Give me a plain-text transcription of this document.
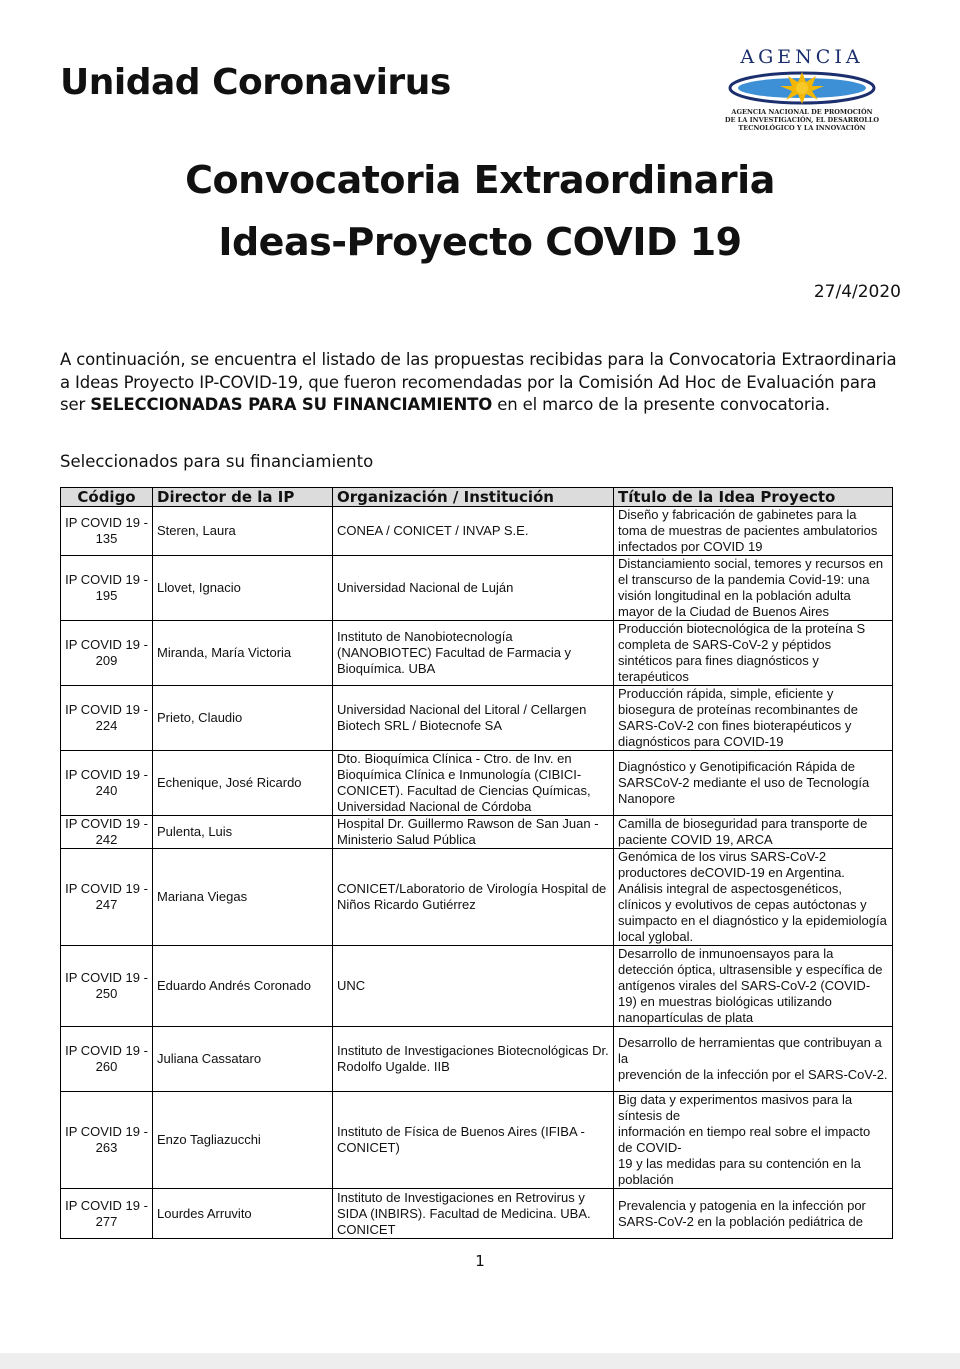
Unidad Coronavirus
AGENCIA
AGENCIA NACIONAL DE PROMOCIÓN
DE LA INVESTIGACIÓN, EL DESARROLLO
TECNOLÓGICO Y LA INNOVACIÓN
Convocatoria Extraordinaria
Ideas-Proyecto COVID 19
27/4/2020

A continuación, se encuentra el listado de las propuestas recibidas para la Convocatoria Extraordinaria a Ideas Proyecto IP-COVID-19, que fueron recomendadas por la Comisión Ad Hoc de Evaluación para ser SELECCIONADAS PARA SU FINANCIAMIENTO en el marco de la presente convocatoria.

Seleccionados para su financiamiento
Código	Director de la IP	Organización / Institución	Título de la Idea Proyecto
IP COVID 19 - 135	Steren, Laura	CONEA / CONICET / INVAP S.E.	Diseño y fabricación de gabinetes para la toma de muestras de pacientes ambulatorios infectados por COVID 19
IP COVID 19 - 195	Llovet, Ignacio	Universidad Nacional de Luján	Distanciamiento social, temores y recursos en el transcurso de la pandemia Covid-19: una visión longitudinal en la población adulta mayor de la Ciudad de Buenos Aires
IP COVID 19 - 209	Miranda, María Victoria	Instituto de Nanobiotecnología (NANOBIOTEC) Facultad de Farmacia y Bioquímica. UBA	Producción biotecnológica de la proteína S completa de SARS-CoV-2 y péptidos sintéticos para fines diagnósticos y terapéuticos
IP COVID 19 - 224	Prieto, Claudio	Universidad Nacional del Litoral / Cellargen Biotech SRL / Biotecnofe SA	Producción rápida, simple, eficiente y biosegura de proteínas recombinantes de SARS-CoV-2 con fines bioterapéuticos y diagnósticos para COVID-19
IP COVID 19 - 240	Echenique, José Ricardo	Dto. Bioquímica Clínica - Ctro. de Inv. en Bioquímica Clínica e Inmunología (CIBICI-CONICET). Facultad de Ciencias Químicas, Universidad Nacional de Córdoba	Diagnóstico y Genotipificación Rápida de SARSCoV-2 mediante el uso de Tecnología Nanopore
IP COVID 19 - 242	Pulenta, Luis	Hospital Dr. Guillermo Rawson de San Juan - Ministerio Salud Pública	Camilla de bioseguridad para transporte de paciente COVID 19, ARCA
IP COVID 19 - 247	Mariana Viegas	CONICET/Laboratorio de Virología Hospital de Niños Ricardo Gutiérrez	Genómica de los virus SARS-CoV-2 productores deCOVID-19 en Argentina. Análisis integral de aspectosgenéticos, clínicos y evolutivos de cepas autóctonas y suimpacto en el diagnóstico y la epidemiología local yglobal.
IP COVID 19 - 250	Eduardo Andrés Coronado	UNC	Desarrollo de inmunoensayos para la detección óptica, ultrasensible y específica de antígenos virales del SARS-CoV-2 (COVID-19) en muestras biológicas utilizando nanopartículas de plata
IP COVID 19 - 260	Juliana Cassataro	Instituto de Investigaciones Biotecnológicas Dr. Rodolfo Ugalde. IIB	Desarrollo de herramientas que contribuyan a la
prevención de la infección por el SARS-CoV-2.
IP COVID 19 - 263	Enzo Tagliazucchi	Instituto de Física de Buenos Aires (IFIBA - CONICET)	Big data y experimentos masivos para la síntesis de
información en tiempo real sobre el impacto de COVID-
19 y las medidas para su contención en la población
IP COVID 19 - 277	Lourdes Arruvito	Instituto de Investigaciones en Retrovirus y SIDA (INBIRS). Facultad de Medicina. UBA. CONICET	Prevalencia y patogenia en la infección por SARS-CoV-2 en la población pediátrica de
1
